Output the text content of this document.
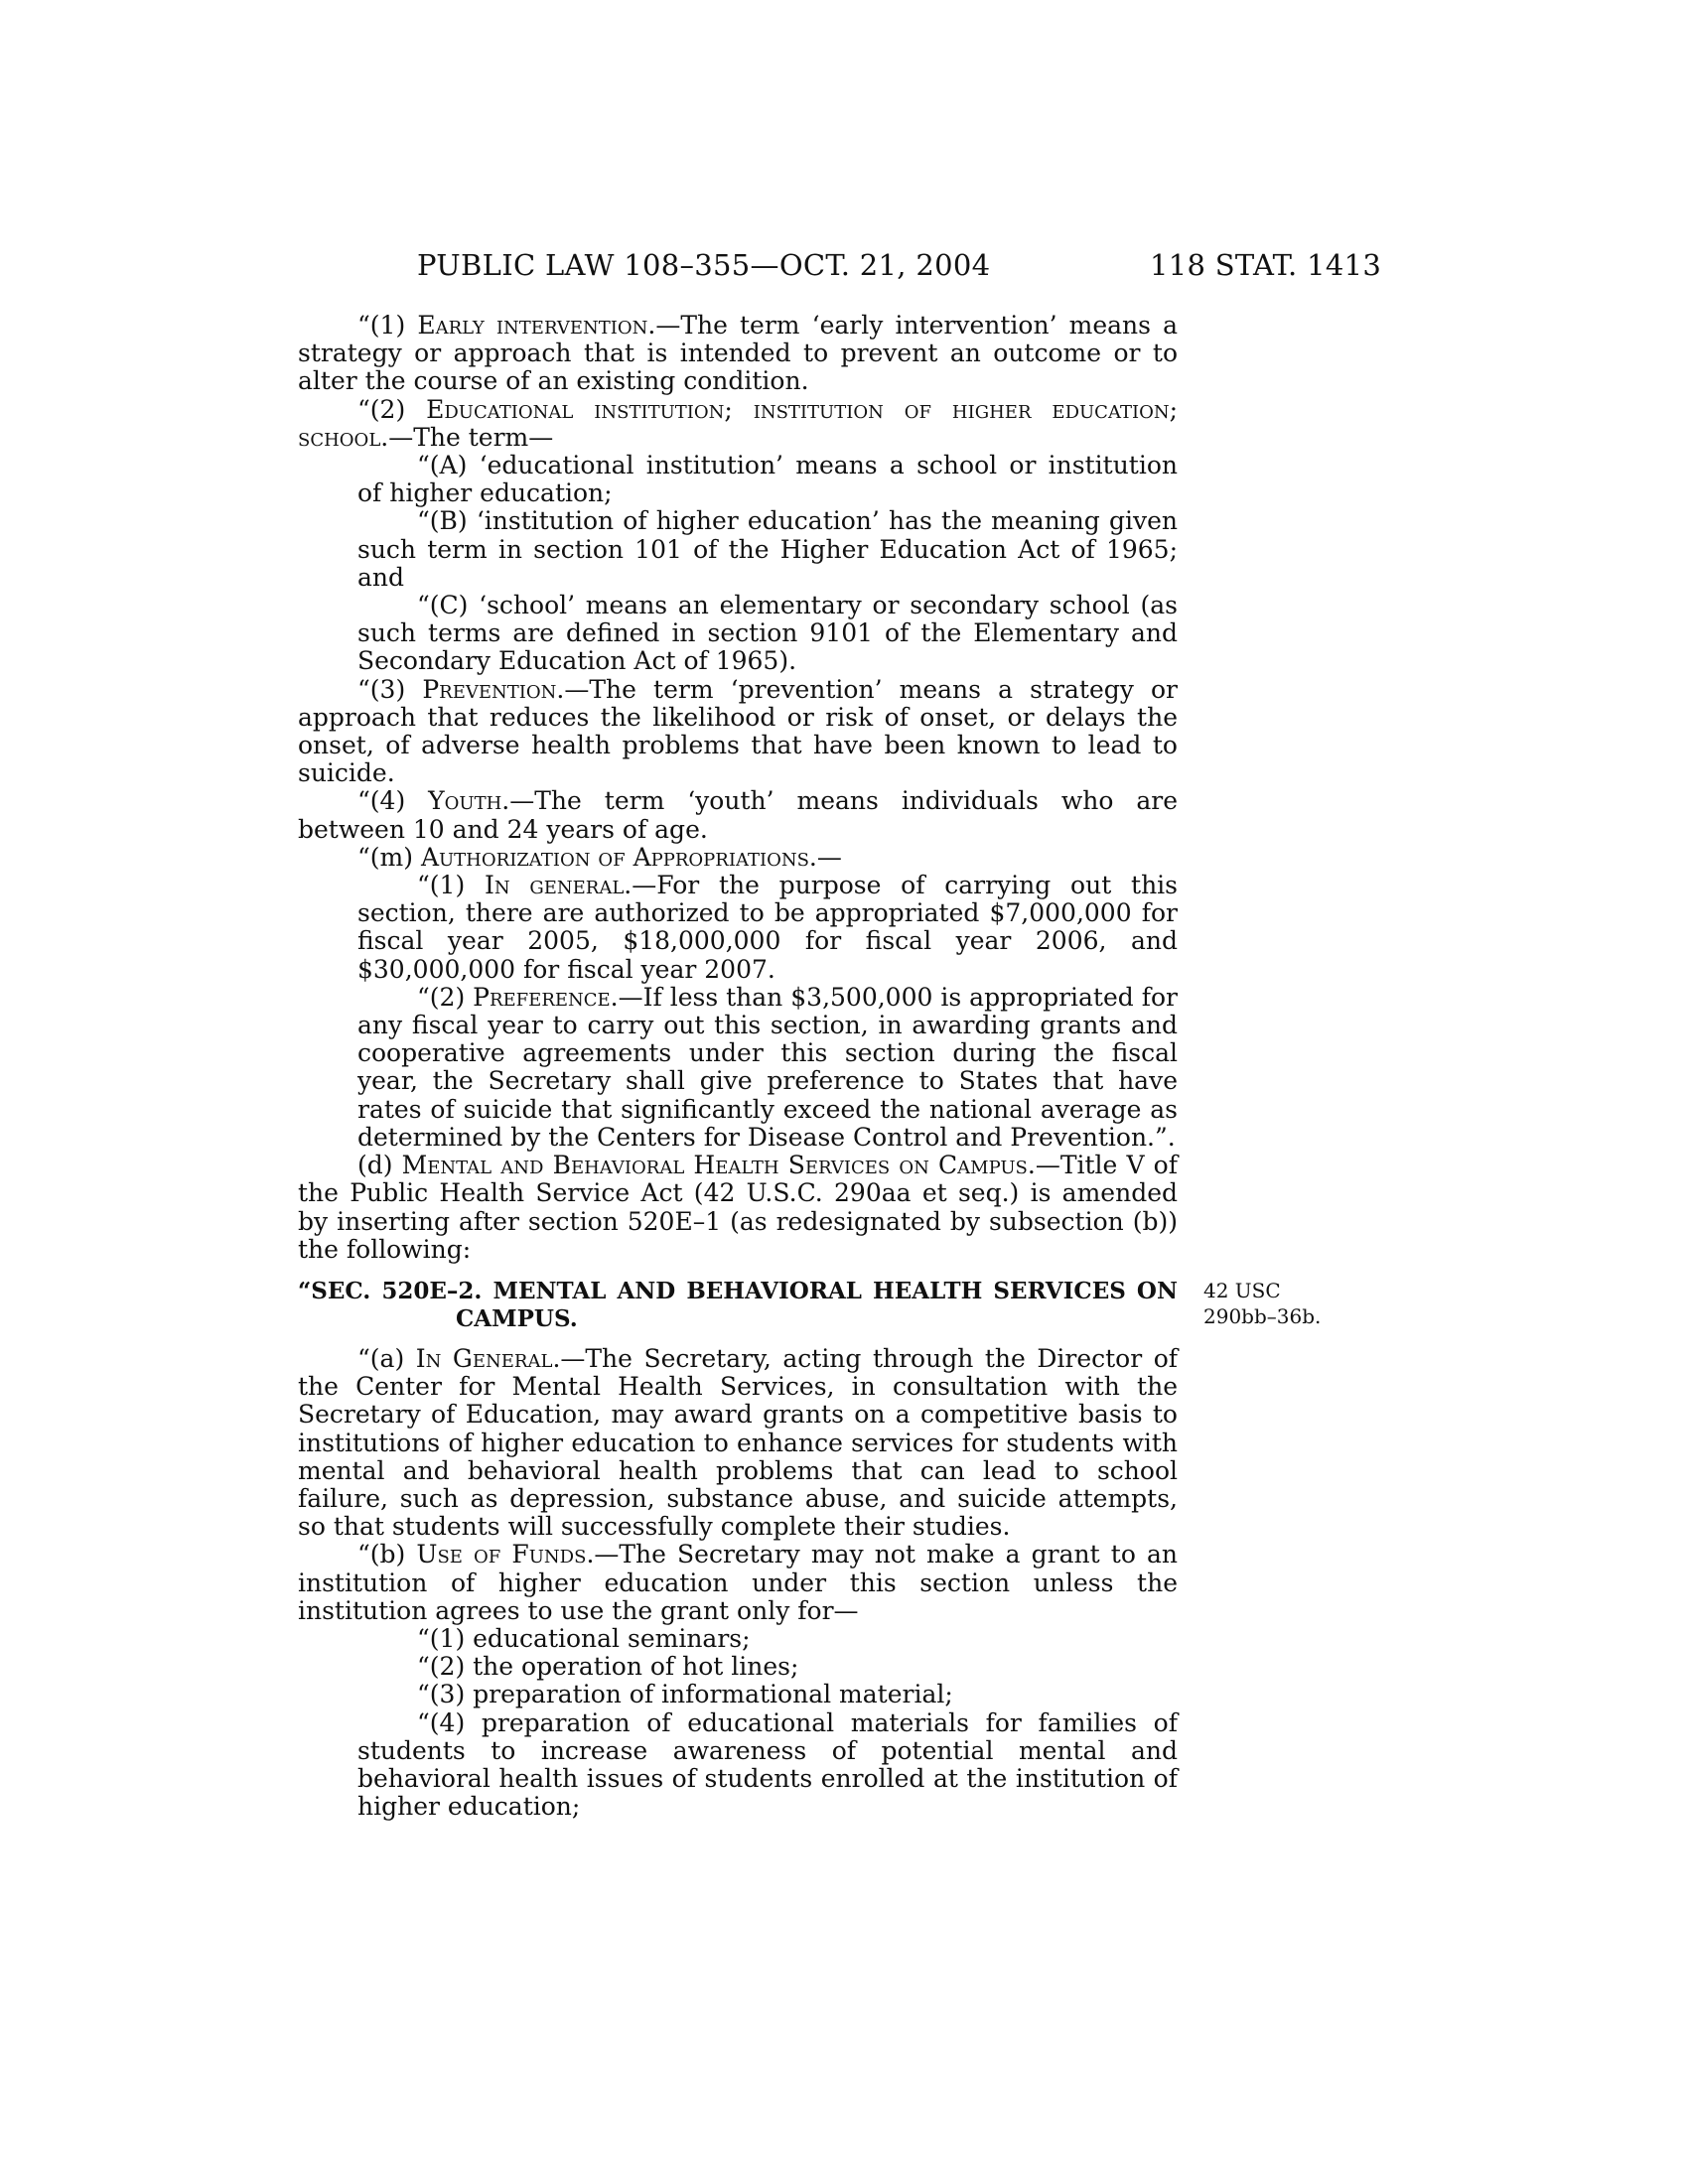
PUBLIC LAW 108–355—OCT. 21, 2004	118 STAT. 1413

“(1) Early intervention.—The term ‘early intervention’ means a strategy or approach that is intended to prevent an outcome or to alter the course of an existing condition.

“(2) Educational institution; institution of higher education; school.—The term—

“(A) ‘educational institution’ means a school or institution of higher education;

“(B) ‘institution of higher education’ has the meaning given such term in section 101 of the Higher Education Act of 1965; and

“(C) ‘school’ means an elementary or secondary school (as such terms are defined in section 9101 of the Elementary and Secondary Education Act of 1965).

“(3) Prevention.—The term ‘prevention’ means a strategy or approach that reduces the likelihood or risk of onset, or delays the onset, of adverse health problems that have been known to lead to suicide.

“(4) Youth.—The term ‘youth’ means individuals who are between 10 and 24 years of age.

“(m) Authorization of Appropriations.—

“(1) In general.—For the purpose of carrying out this section, there are authorized to be appropriated $7,000,000 for fiscal year 2005, $18,000,000 for fiscal year 2006, and $30,000,000 for fiscal year 2007.

“(2) Preference.—If less than $3,500,000 is appropriated for any fiscal year to carry out this section, in awarding grants and cooperative agreements under this section during the fiscal year, the Secretary shall give preference to States that have rates of suicide that significantly exceed the national average as determined by the Centers for Disease Control and Prevention.”.

(d) Mental and Behavioral Health Services on Campus.—Title V of the Public Health Service Act (42 U.S.C. 290aa et seq.) is amended by inserting after section 520E–1 (as redesignated by subsection (b)) the following:

“SEC. 520E–2. MENTAL AND BEHAVIORAL HEALTH SERVICES ON CAMPUS.

42 USC
290bb–36b.

“(a) In General.—The Secretary, acting through the Director of the Center for Mental Health Services, in consultation with the Secretary of Education, may award grants on a competitive basis to institutions of higher education to enhance services for students with mental and behavioral health problems that can lead to school failure, such as depression, substance abuse, and suicide attempts, so that students will successfully complete their studies.

“(b) Use of Funds.—The Secretary may not make a grant to an institution of higher education under this section unless the institution agrees to use the grant only for—

“(1) educational seminars;

“(2) the operation of hot lines;

“(3) preparation of informational material;

“(4) preparation of educational materials for families of students to increase awareness of potential mental and behavioral health issues of students enrolled at the institution of higher education;
